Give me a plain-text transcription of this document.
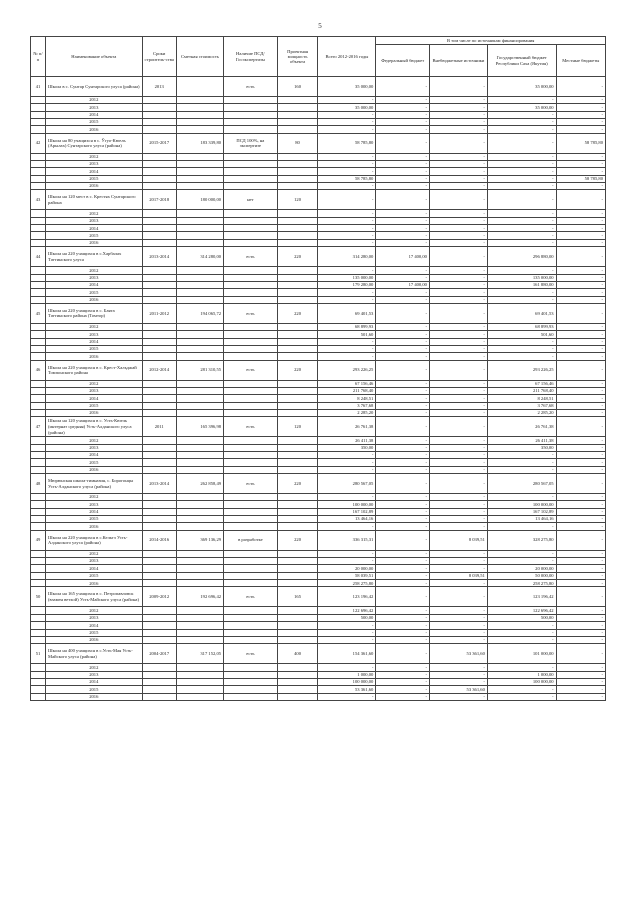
5
№ п/п	Наименование объекта	Сроки строитель-ства	Сметная стоимость	Наличие ПСД/ Госэкспертизы	Проектная мощность объекта	Всего 2012-2016 годы	В том числе по источникам финансирования			
							Федеральный бюджет	Внебюджетные источники	Государственный бюджет Республики Саха (Якутия)	Местные бюджеты
41	Школа в с. Сунтар Сунтарского улуса (района)	2013		есть	160	35 000,00	-	-	35 000,00	-
	2012					-	-	-	-	-
	2013					35 000,00	-	-	35 000,00	-
	2014					-	-	-	-	-
	2015					-	-	-	-	-
	2016					-	-	-	-	-
42	Школа на 80 учащихся в с. Ўгуо-Кюель (Арылах) Сунтарского улуса (района)	2015-2017	183 339,80	ПСД 100%, на экспертизе	80	58 785,80	-	-	-	58 785,80
	2012					-	-	-	-	-
	2013					-	-	-	-	-
	2014					-	-	-	-	-
	2015					58 785,80	-	-	-	58 785,80
	2016					-	-	-	-	-
43	Школа на 120 мест в с. Крестях Сунтарского района	2017-2018	180 000,00	нет	120	-	-	-	-	-
	2012					-	-	-	-	-
	2013					-	-	-	-	-
	2014					-	-	-	-	-
	2015					-	-	-	-	-
	2016					-	-	-	-	-
44	Школа на 220 учащихся в с.Харбалах Таттинского улуса	2013-2014	314 280,00	есть	220	314 280,00	17 400,00	-	296 880,00	-
	2012					-	-	-	-	-
	2013					135 000,00	-	-	135 000,00	-
	2014					179 280,00	17 400,00	-	161 880,00	-
	2015					-	-	-	-	-
	2016					-	-	-	-	-
45	Школа на 220 учащихся в с. Баята Таттинского района (Томтор)	2011-2012	194 065,72	есть	220	69 401,53	-	-	69 401,53	-
	2012					68 899,93	-	-	68 899,93	-
	2013					501,60	-	-	501,60	-
	2014					-	-	-	-	-
	2015					-	-	-	-	-
	2016					-	-	-	-	-
46	Школа на 220 учащихся в с. Крест-Хальджай Томпонского района	2012-2014	281 310,55	есть	220	293 226,25	-	-	293 226,25	-
	2012					67 156,46	-	-	67 156,46	-
	2013					211 768,40	-	-	211 768,40	-
	2014					8 248,51	-	-	8 248,51	-
	2015					3 767,68	-	-	3 767,68	-
	2016					2 285,20	-	-	2 285,20	-
47	Школа на 120 учащихся в с. Усть-Кюель (интернат средняя) Усть-Алданского улуса (района)	2011	165 396,98	есть	120	26 761,38	-	-	26 761,38	-
	2012					26 411,38	-	-	26 411,38	-
	2013					350,00	-	-	350,00	-
	2014					-	-	-	-	-
	2015					-	-	-	-	-
	2016					-	-	-	-	-
48	Мюрюнская школа-гимназия, с. Борогонцы Усть-Алданского улуса (района)	2013-2014	262 858,49	есть	220	280 567,05	-	-	280 567,05	-
	2012					-	-	-	-	-
	2013					100 000,00	-	-	100 000,00	-
	2014					167 102,89	-	-	167 102,89	-
	2015					13 464,16	-	-	13 464,16	-
	2016					-	-	-	-	-
49	Школа на 220 учащихся в с.Кельтэ Усть-Алданского улуса (района)	2014-2016	369 136,29	в разработке	220	336 315,31	-	8 039,51	328 275,80	-
	2012					-	-	-	-	-
	2013					-	-	-	-	-
	2014					20 000,00	-	-	20 000,00	-
	2015					58 039,51	-	8 039,51	50 000,00	-
	2016					258 275,80	-	-	258 275,80	-
50	Школа на 165 учащихся в с. Петропавловск (взамен ветхой) Усть-Майского улуса (района)	2009-2012	192 696,42	есть	165	123 196,42	-	-	123 196,42	-
	2012					122 696,42	-	-	122 696,42	-
	2013					500,00	-	-	500,00	-
	2014					-	-	-	-	-
	2015					-	-	-	-	-
	2016					-	-	-	-	-
51	Школа на 400 учащихся в с.Усть-Мая Усть-Майского улуса (района)	2004-2017	317 152,05	есть	400	154 361,60	-	53 361,60	101 000,00	-
	2012					-	-	-	-	-
	2013					1 000,00	-	-	1 000,00	-
	2014					100 000,00	-	-	100 000,00	-
	2015					53 361,60	-	53 361,60	-	-
	2016					-	-	-	-	-
